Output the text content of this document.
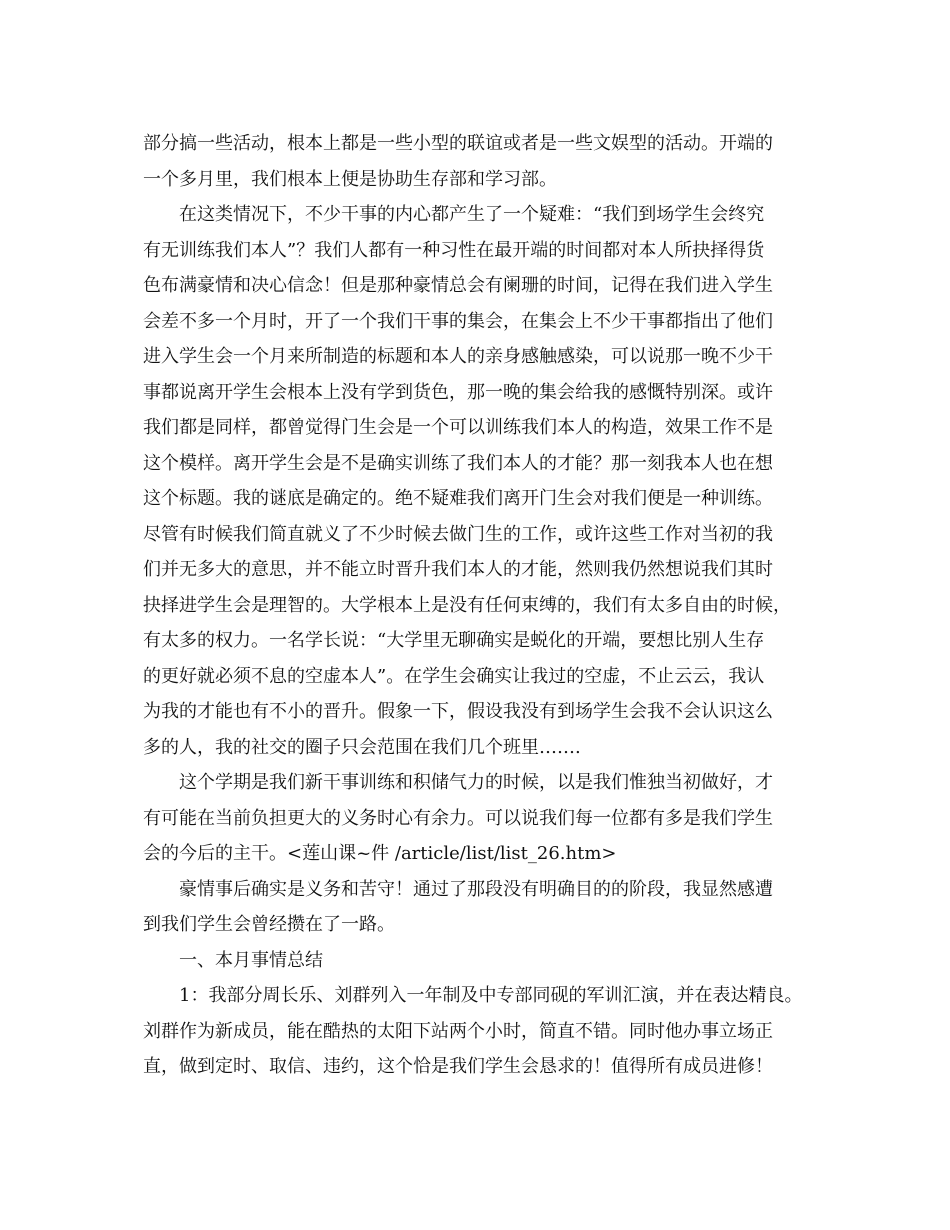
部分搞一些活动，根本上都是一些小型的联谊或者是一些文娱型的活动。开端的
一个多月里，我们根本上便是协助生存部和学习部。
在这类情况下，不少干事的内心都产生了一个疑难：“我们到场学生会终究
有无训练我们本人”？我们人都有一种习性在最开端的时间都对本人所抉择得货
色布满豪情和决心信念！但是那种豪情总会有阑珊的时间，记得在我们进入学生
会差不多一个月时，开了一个我们干事的集会，在集会上不少干事都指出了他们
进入学生会一个月来所制造的标题和本人的亲身感触感染，可以说那一晚不少干
事都说离开学生会根本上没有学到货色，那一晚的集会给我的感慨特别深。或许
我们都是同样，都曾觉得门生会是一个可以训练我们本人的构造，效果工作不是
这个模样。离开学生会是不是确实训练了我们本人的才能？那一刻我本人也在想
这个标题。我的谜底是确定的。绝不疑难我们离开门生会对我们便是一种训练。
尽管有时候我们简直就义了不少时候去做门生的工作，或许这些工作对当初的我
们并无多大的意思，并不能立时晋升我们本人的才能，然则我仍然想说我们其时
抉择进学生会是理智的。大学根本上是没有任何束缚的，我们有太多自由的时候，
有太多的权力。一名学长说：“大学里无聊确实是蜕化的开端，要想比别人生存
的更好就必须不息的空虚本人”。在学生会确实让我过的空虚，不止云云，我认
为我的才能也有不小的晋升。假象一下，假设我没有到场学生会我不会认识这么
多的人，我的社交的圈子只会范围在我们几个班里…….
这个学期是我们新干事训练和积储气力的时候，以是我们惟独当初做好，才
有可能在当前负担更大的义务时心有余力。可以说我们每一位都有多是我们学生
会的今后的主干。<莲山课~件 /article/list/list_26.htm>
豪情事后确实是义务和苦守！通过了那段没有明确目的的阶段，我显然感遭
到我们学生会曾经攒在了一路。
一、本月事情总结
1：我部分周长乐、刘群列入一年制及中专部同砚的军训汇演，并在表达精良。
刘群作为新成员，能在酷热的太阳下站两个小时，简直不错。同时他办事立场正
直，做到定时、取信、违约，这个恰是我们学生会恳求的！值得所有成员进修！
